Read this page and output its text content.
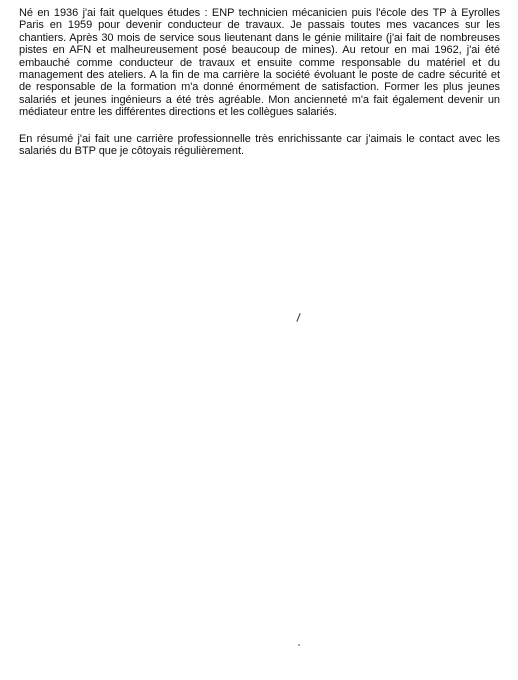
Né en 1936 j'ai fait quelques études : ENP technicien mécanicien puis l'école des TP à Eyrolles Paris en 1959 pour devenir conducteur de travaux. Je passais toutes mes vacances sur les chantiers. Après 30 mois de service sous lieutenant dans le génie militaire (j'ai fait de nombreuses pistes en AFN et malheureusement posé beaucoup de mines). Au retour en mai 1962, j'ai été embauché comme conducteur de travaux et ensuite comme responsable du matériel et du management des ateliers. A la fin de ma carrière la société évoluant le poste de cadre sécurité et de responsable de la formation m'a donné énormément de satisfaction. Former les plus jeunes salariés et jeunes ingénieurs a été très agréable. Mon ancienneté m'a fait également devenir un médiateur entre les différentes directions et les collègues salariés.

En résumé j'ai fait une carrière professionnelle très enrichissante car j'aimais le contact avec les salariés du BTP que je côtoyais régulièrement.
